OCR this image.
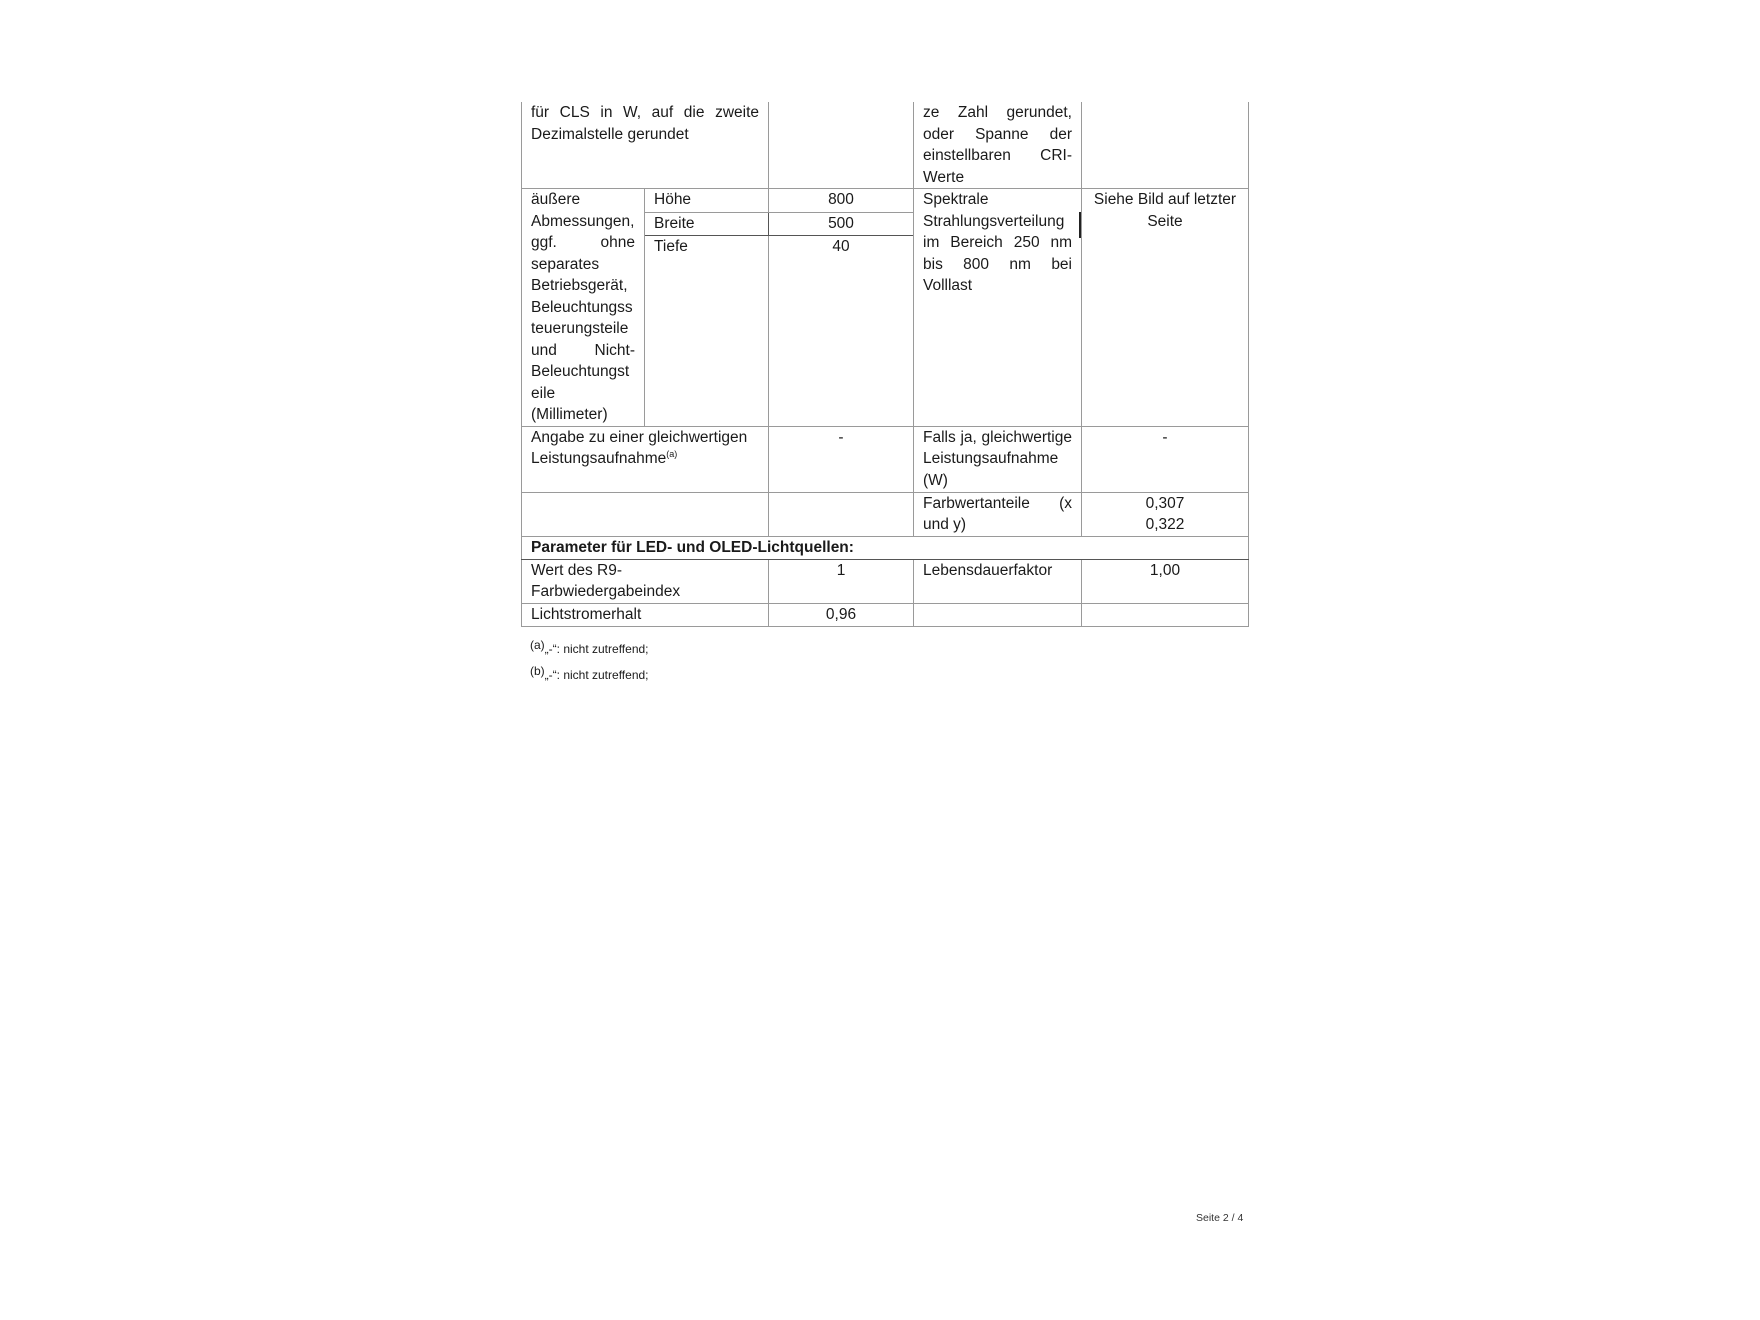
für CLS in W, auf die zweite Dezimalstelle gerundet			ze Zahl gerundet, oder Spanne der einstellbaren CRI-Werte	
äußere Abmessungen, ggf. ohne separates Betriebsgerät, Beleuchtungssteuerungsteile und Nicht-Beleuchtungsteile (Millimeter)	Höhe	800	Spektrale Strahlungsverteilung im Bereich 250 nm bis 800 nm bei Volllast	Siehe Bild auf letzter Seite
	Breite	500		
	Tiefe	40		
Angabe zu einer gleichwertigen Leistungsaufnahme$^{(a)}$		-	Falls ja, gleichwertige Leistungsaufnahme (W)	-
			Farbwertanteile (x und y)	0,307
0,322

Parameter für LED- und OLED-Lichtquellen:				
Wert des R9-Farbwiedergabeindex		1	Lebensdauerfaktor	1,00
Lichtstromerhalt		0,96		
$^{(a)}$„-“: nicht zutreffend;
$^{(b)}$„-“: nicht zutreffend;
Seite 2 / 4
